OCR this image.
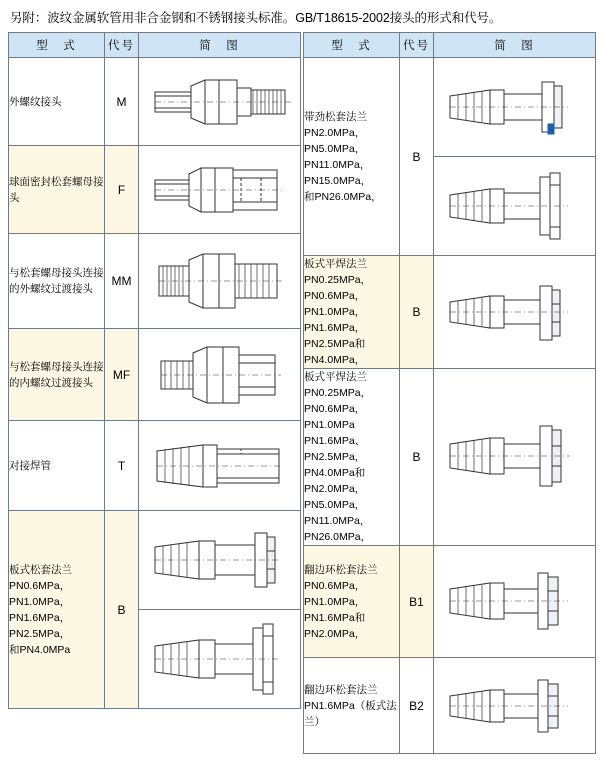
另附：波纹金属软管用非合金钢和不锈钢接头标准。GB/T18615-2002接头的形式和代号。
型　式	代号	简　图
外螺纹接头	M	

球面密封松套螺母接头	F	

与松套螺母接头连接的外螺纹过渡接头	MM	

与松套螺母接头连接的内螺纹过渡接头	MF	

对接焊管	T	

板式松套法兰
PN0.6MPa，PN1.0MPa，
PN1.6MPa，PN2.5MPa，
和PN4.0MPa
	B	

型　式	代号	简　图

带劲松套法兰
PN2.0MPa，PN5.0MPa，
PN11.0MPa，PN15.0MPa，
和PN26.0MPa，
	B	

板式平焊法兰
PN0.25MPa，PN0.6MPa，
PN1.0MPa，PN1.6MPa，
PN2.5MPa和PN4.0MPa，
	B	

板式平焊法兰
PN0.25MPa，PN0.6MPa，
PN1.0MPa PN1.6MPa、
PN2.5MPa，PN4.0MPa和
PN2.0MPa，PN5.0MPa，
PN11.0MPa，PN26.0MPa，
	B	

翻边环松套法兰
PN0.6MPa，PN1.0MPa，
PN1.6MPa和PN2.0MPa，
	B1	

翻边环松套法兰
PN1.6MPa（板式法兰）
	B2	
